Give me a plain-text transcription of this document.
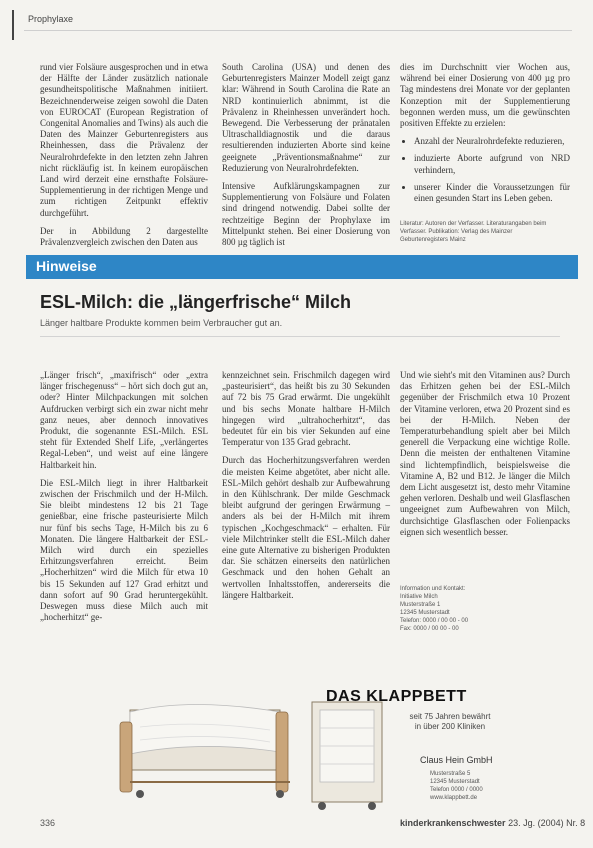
Prophylaxe

rund vier Folsäure ausgesprochen und in etwa der Hälfte der Länder zusätzlich nationale gesundheitspolitische Maßnahmen initiiert. Bezeichnenderweise zeigen sowohl die Daten von EUROCAT (European Registration of Congenital Anomalies and Twins) als auch die Daten des Mainzer Geburtenregisters aus Rheinhessen, dass die Prävalenz der Neuralrohrdefekte in den letzten zehn Jahren nicht rückläufig ist. In keinem europäischen Land wird derzeit eine ernsthafte Folsäure-Supplementierung in der richtigen Menge und zum richtigen Zeitpunkt effektiv durchgeführt.

Der in Abbildung 2 dargestellte Prävalenzvergleich zwischen den Daten aus

South Carolina (USA) und denen des Geburtenregisters Mainzer Modell zeigt ganz klar: Während in South Carolina die Rate an NRD kontinuierlich abnimmt, ist die Prävalenz in Rheinhessen unverändert hoch. Bewegend. Die Verbesserung der pränatalen Ultraschalldiagnostik und die daraus resultierenden induzierten Aborte sind keine geeignete „Präventionsmaßnahme“ zur Reduzierung von Neuralrohrdefekten.

Intensive Aufklärungskampagnen zur Supplementierung von Folsäure und Folaten sind dringend notwendig. Dabei sollte der rechtzeitige Beginn der Prophylaxe im Mittelpunkt stehen. Bei einer Dosierung von 800 µg täglich ist

dies im Durchschnitt vier Wochen aus, während bei einer Dosierung von 400 µg pro Tag mindestens drei Monate vor der geplanten Konzeption mit der Supplementierung begonnen werden muss, um die gewünschten positiven Effekte zu erzielen:

• Anzahl der Neuralrohrdefekte reduzieren,
• induzierte Aborte aufgrund von NRD verhindern,
• unserer Kinder die Voraussetzungen für einen gesunden Start ins Leben geben.
Literatur: Autoren der Verfasser. Literaturangaben beim Verfasser. Publikation: Verlag des Mainzer Geburtenregisters Mainz
Hinweise
ESL-Milch: die „längerfrische“ Milch
Länger haltbare Produkte kommen beim Verbraucher gut an.

„Länger frisch“, „maxifrisch“ oder „extra länger frischegenuss“ – hört sich doch gut an, oder? Hinter Milchpackungen mit solchen Aufdrucken verbirgt sich ein zwar nicht mehr ganz neues, aber dennoch innovatives Produkt, die sogenannte ESL-Milch. ESL steht für Extended Shelf Life, „verlängertes Regal-Leben“, und weist auf eine längere Haltbarkeit hin.

Die ESL-Milch liegt in ihrer Haltbarkeit zwischen der Frischmilch und der H-Milch. Sie bleibt mindestens 12 bis 21 Tage genießbar, eine frische pasteurisierte Milch nur fünf bis sechs Tage, H-Milch bis zu 6 Monaten. Die längere Haltbarkeit der ESL-Milch wird durch ein spezielles Erhitzungsverfahren erreicht. Beim „Hocherhitzen“ wird die Milch für etwa 10 bis 15 Sekunden auf 127 Grad erhitzt und dann sofort auf 90 Grad heruntergekühlt. Deswegen muss diese Milch auch mit „hocherhitzt“ ge-

kennzeichnet sein. Frischmilch dagegen wird „pasteurisiert“, das heißt bis zu 30 Sekunden auf 72 bis 75 Grad erwärmt. Die ungekühlt und bis sechs Monate haltbare H-Milch hingegen wird „ultrahocherhitzt“, das bedeutet für ein bis vier Sekunden auf eine Temperatur von 135 Grad gebracht.

Durch das Hocherhitzungsverfahren werden die meisten Keime abgetötet, aber nicht alle. ESL-Milch gehört deshalb zur Aufbewahrung in den Kühlschrank. Der milde Geschmack bleibt aufgrund der geringen Erwärmung – anders als bei der H-Milch mit ihrem typischen „Kochgeschmack“ – erhalten. Für viele Milchtrinker stellt die ESL-Milch daher eine gute Alternative zu bisherigen Produkten dar. Sie schätzen einerseits den natürlichen Geschmack und den hohen Gehalt an wertvollen Inhaltsstoffen, andererseits die längere Haltbarkeit.

Und wie sieht's mit den Vitaminen aus? Durch das Erhitzen gehen bei der ESL-Milch gegenüber der Frischmilch etwa 10 Prozent der Vitamine verloren, etwa 20 Prozent sind es bei der H-Milch. Neben der Temperaturbehandlung spielt aber bei Milch generell die Verpackung eine wichtige Rolle. Denn die meisten der enthaltenen Vitamine sind lichtempfindlich, beispielsweise die Vitamine A, B2 und B12. Je länger die Milch dem Licht ausgesetzt ist, desto mehr Vitamine gehen verloren. Deshalb und weil Glasflaschen ungeeignet zum Aufbewahren von Milch, durchsichtige Glasflaschen oder Folienpacks eignen sich wesentlich besser.

Information und Kontakt:
Initiative Milch
Musterstraße 1
12345 Musterstadt
Telefon: 0000 / 00 00 - 00
Fax: 0000 / 00 00 - 00
DAS KLAPPBETT
seit 75 Jahren bewährt
in über 200 Kliniken
Claus Hein GmbH
Musterstraße 5
12345 Musterstadt
Telefon 0000 / 0000
www.klappbett.de
336	kinderkrankenschwester 23. Jg. (2004) Nr. 8
